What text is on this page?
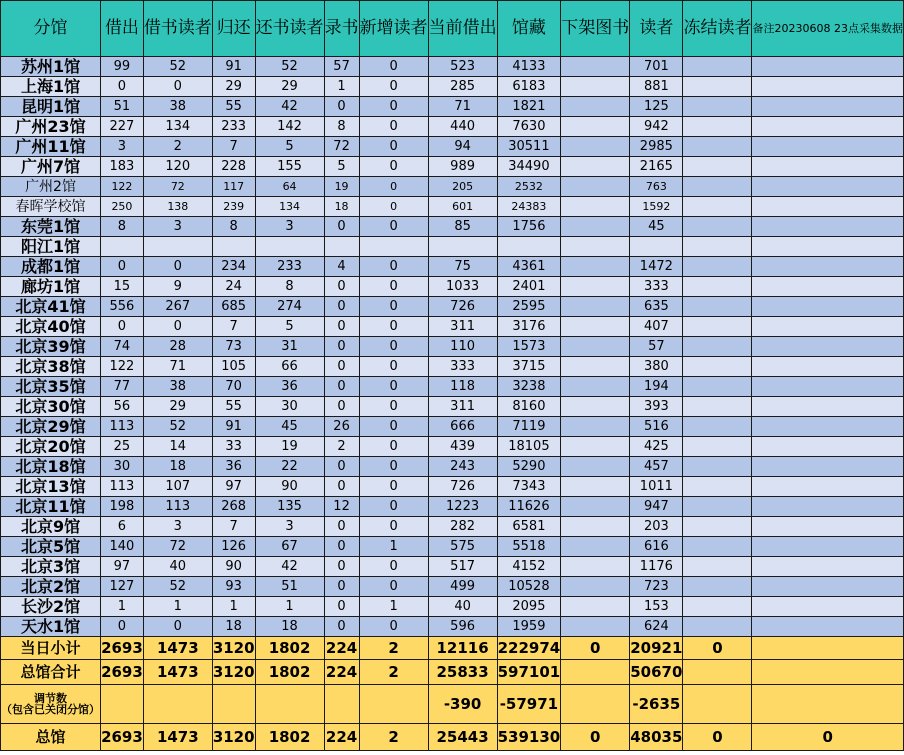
分馆	借出	借书读者	归还	还书读者	录书	新增读者	当前借出	馆藏	下架图书	读者	冻结读者	备注20230608 23点采集数据
苏州1馆	99	52	91	52	57	0	523	4133		701		
上海1馆	0	0	29	29	1	0	285	6183		881		
昆明1馆	51	38	55	42	0	0	71	1821		125		
广州23馆	227	134	233	142	8	0	440	7630		942		
广州11馆	3	2	7	5	72	0	94	30511		2985		
广州7馆	183	120	228	155	5	0	989	34490		2165		
广州2馆	122	72	117	64	19	0	205	2532		763		
春晖学校馆	250	138	239	134	18	0	601	24383		1592		
东莞1馆	8	3	8	3	0	0	85	1756		45		
阳江1馆												
成都1馆	0	0	234	233	4	0	75	4361		1472		
廊坊1馆	15	9	24	8	0	0	1033	2401		333		
北京41馆	556	267	685	274	0	0	726	2595		635		
北京40馆	0	0	7	5	0	0	311	3176		407		
北京39馆	74	28	73	31	0	0	110	1573		57		
北京38馆	122	71	105	66	0	0	333	3715		380		
北京35馆	77	38	70	36	0	0	118	3238		194		
北京30馆	56	29	55	30	0	0	311	8160		393		
北京29馆	113	52	91	45	26	0	666	7119		516		
北京20馆	25	14	33	19	2	0	439	18105		425		
北京18馆	30	18	36	22	0	0	243	5290		457		
北京13馆	113	107	97	90	0	0	726	7343		1011		
北京11馆	198	113	268	135	12	0	1223	11626		947		
北京9馆	6	3	7	3	0	0	282	6581		203		
北京5馆	140	72	126	67	0	1	575	5518		616		
北京3馆	97	40	90	42	0	0	517	4152		1176		
北京2馆	127	52	93	51	0	0	499	10528		723		
长沙2馆	1	1	1	1	0	1	40	2095		153		
天水1馆	0	0	18	18	0	0	596	1959		624		
当日小计	2693	1473	3120	1802	224	2	12116	222974	0	20921	0	
总馆合计	2693	1473	3120	1802	224	2	25833	597101		50670		

调节数
（包含已关闭分馆）							-390	-57971		-2635		
总馆	2693	1473	3120	1802	224	2	25443	539130	0	48035	0	0
